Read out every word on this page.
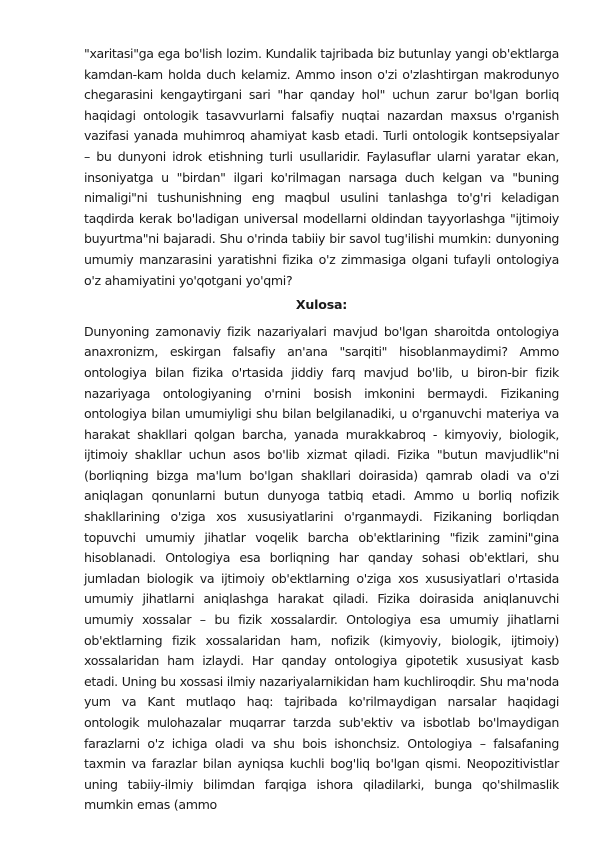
"xaritasi"ga ega bo'lish lozim. Kundalik tajribada biz butunlay yangi ob'ektlarga kamdan-kam holda duch kelamiz. Ammo inson o'zi o'zlashtirgan makrodunyo chegarasini kengaytirgani sari "har qanday hol" uchun zarur bo'lgan borliq haqidagi ontologik tasavvurlarni falsafiy nuqtai nazardan maxsus o'rganish vazifasi yanada muhimroq ahamiyat kasb etadi. Turli ontologik kontsepsiyalar – bu dunyoni idrok etishning turli usullaridir. Faylasuflar ularni yaratar ekan, insoniyatga u "birdan" ilgari ko'rilmagan narsaga duch kelgan va "buning nimaligi"ni tushunishning eng maqbul usulini tanlashga to'g'ri keladigan taqdirda kerak bo'ladigan universal modellarni oldindan tayyorlashga "ijtimoiy buyurtma"ni bajaradi. Shu o'rinda tabiiy bir savol tug'ilishi mumkin: dunyoning umumiy manzarasini yaratishni fizika o'z zimmasiga olgani tufayli ontologiya o'z ahamiyatini yo'qotgani yo'qmi?

Xulosa:

Dunyoning zamonaviy fizik nazariyalari mavjud bo'lgan sharoitda ontologiya anaxronizm, eskirgan falsafiy an'ana "sarqiti" hisoblanmaydimi? Ammo ontologiya bilan fizika o'rtasida jiddiy farq mavjud bo'lib, u biron-bir fizik nazariyaga ontologiyaning o'rnini bosish imkonini bermaydi. Fizikaning ontologiya bilan umumiyligi shu bilan belgilanadiki, u o'rganuvchi materiya va harakat shakllari qolgan barcha, yanada murakkabroq - kimyoviy, biologik, ijtimoiy shakllar uchun asos bo'lib xizmat qiladi. Fizika "butun mavjudlik"ni (borliqning bizga ma'lum bo'lgan shakllari doirasida) qamrab oladi va o'zi aniqlagan qonunlarni butun dunyoga tatbiq etadi. Ammo u borliq nofizik shakllarining o'ziga xos xususiyatlarini o'rganmaydi. Fizikaning borliqdan topuvchi umumiy jihatlar voqelik barcha ob'ektlarining "fizik zamini"gina hisoblanadi. Ontologiya esa borliqning har qanday sohasi ob'ektlari, shu jumladan biologik va ijtimoiy ob'ektlarning o'ziga xos xususiyatlari o'rtasida umumiy jihatlarni aniqlashga harakat qiladi. Fizika doirasida aniqlanuvchi umumiy xossalar – bu fizik xossalardir. Ontologiya esa umumiy jihatlarni ob'ektlarning fizik xossalaridan ham, nofizik (kimyoviy, biologik, ijtimoiy) xossalaridan ham izlaydi. Har qanday ontologiya gipotetik xususiyat kasb etadi. Uning bu xossasi ilmiy nazariyalarnikidan ham kuchliroqdir. Shu ma'noda yum va Kant mutlaqo haq: tajribada ko'rilmaydigan narsalar haqidagi ontologik mulohazalar muqarrar tarzda sub'ektiv va isbotlab bo'lmaydigan farazlarni o'z ichiga oladi va shu bois ishonchsiz. Ontologiya – falsafaning taxmin va farazlar bilan ayniqsa kuchli bog'liq bo'lgan qismi. Neopozitivistlar uning tabiiy-ilmiy bilimdan farqiga ishora qiladilarki, bunga qo'shilmaslik mumkin emas (ammo
